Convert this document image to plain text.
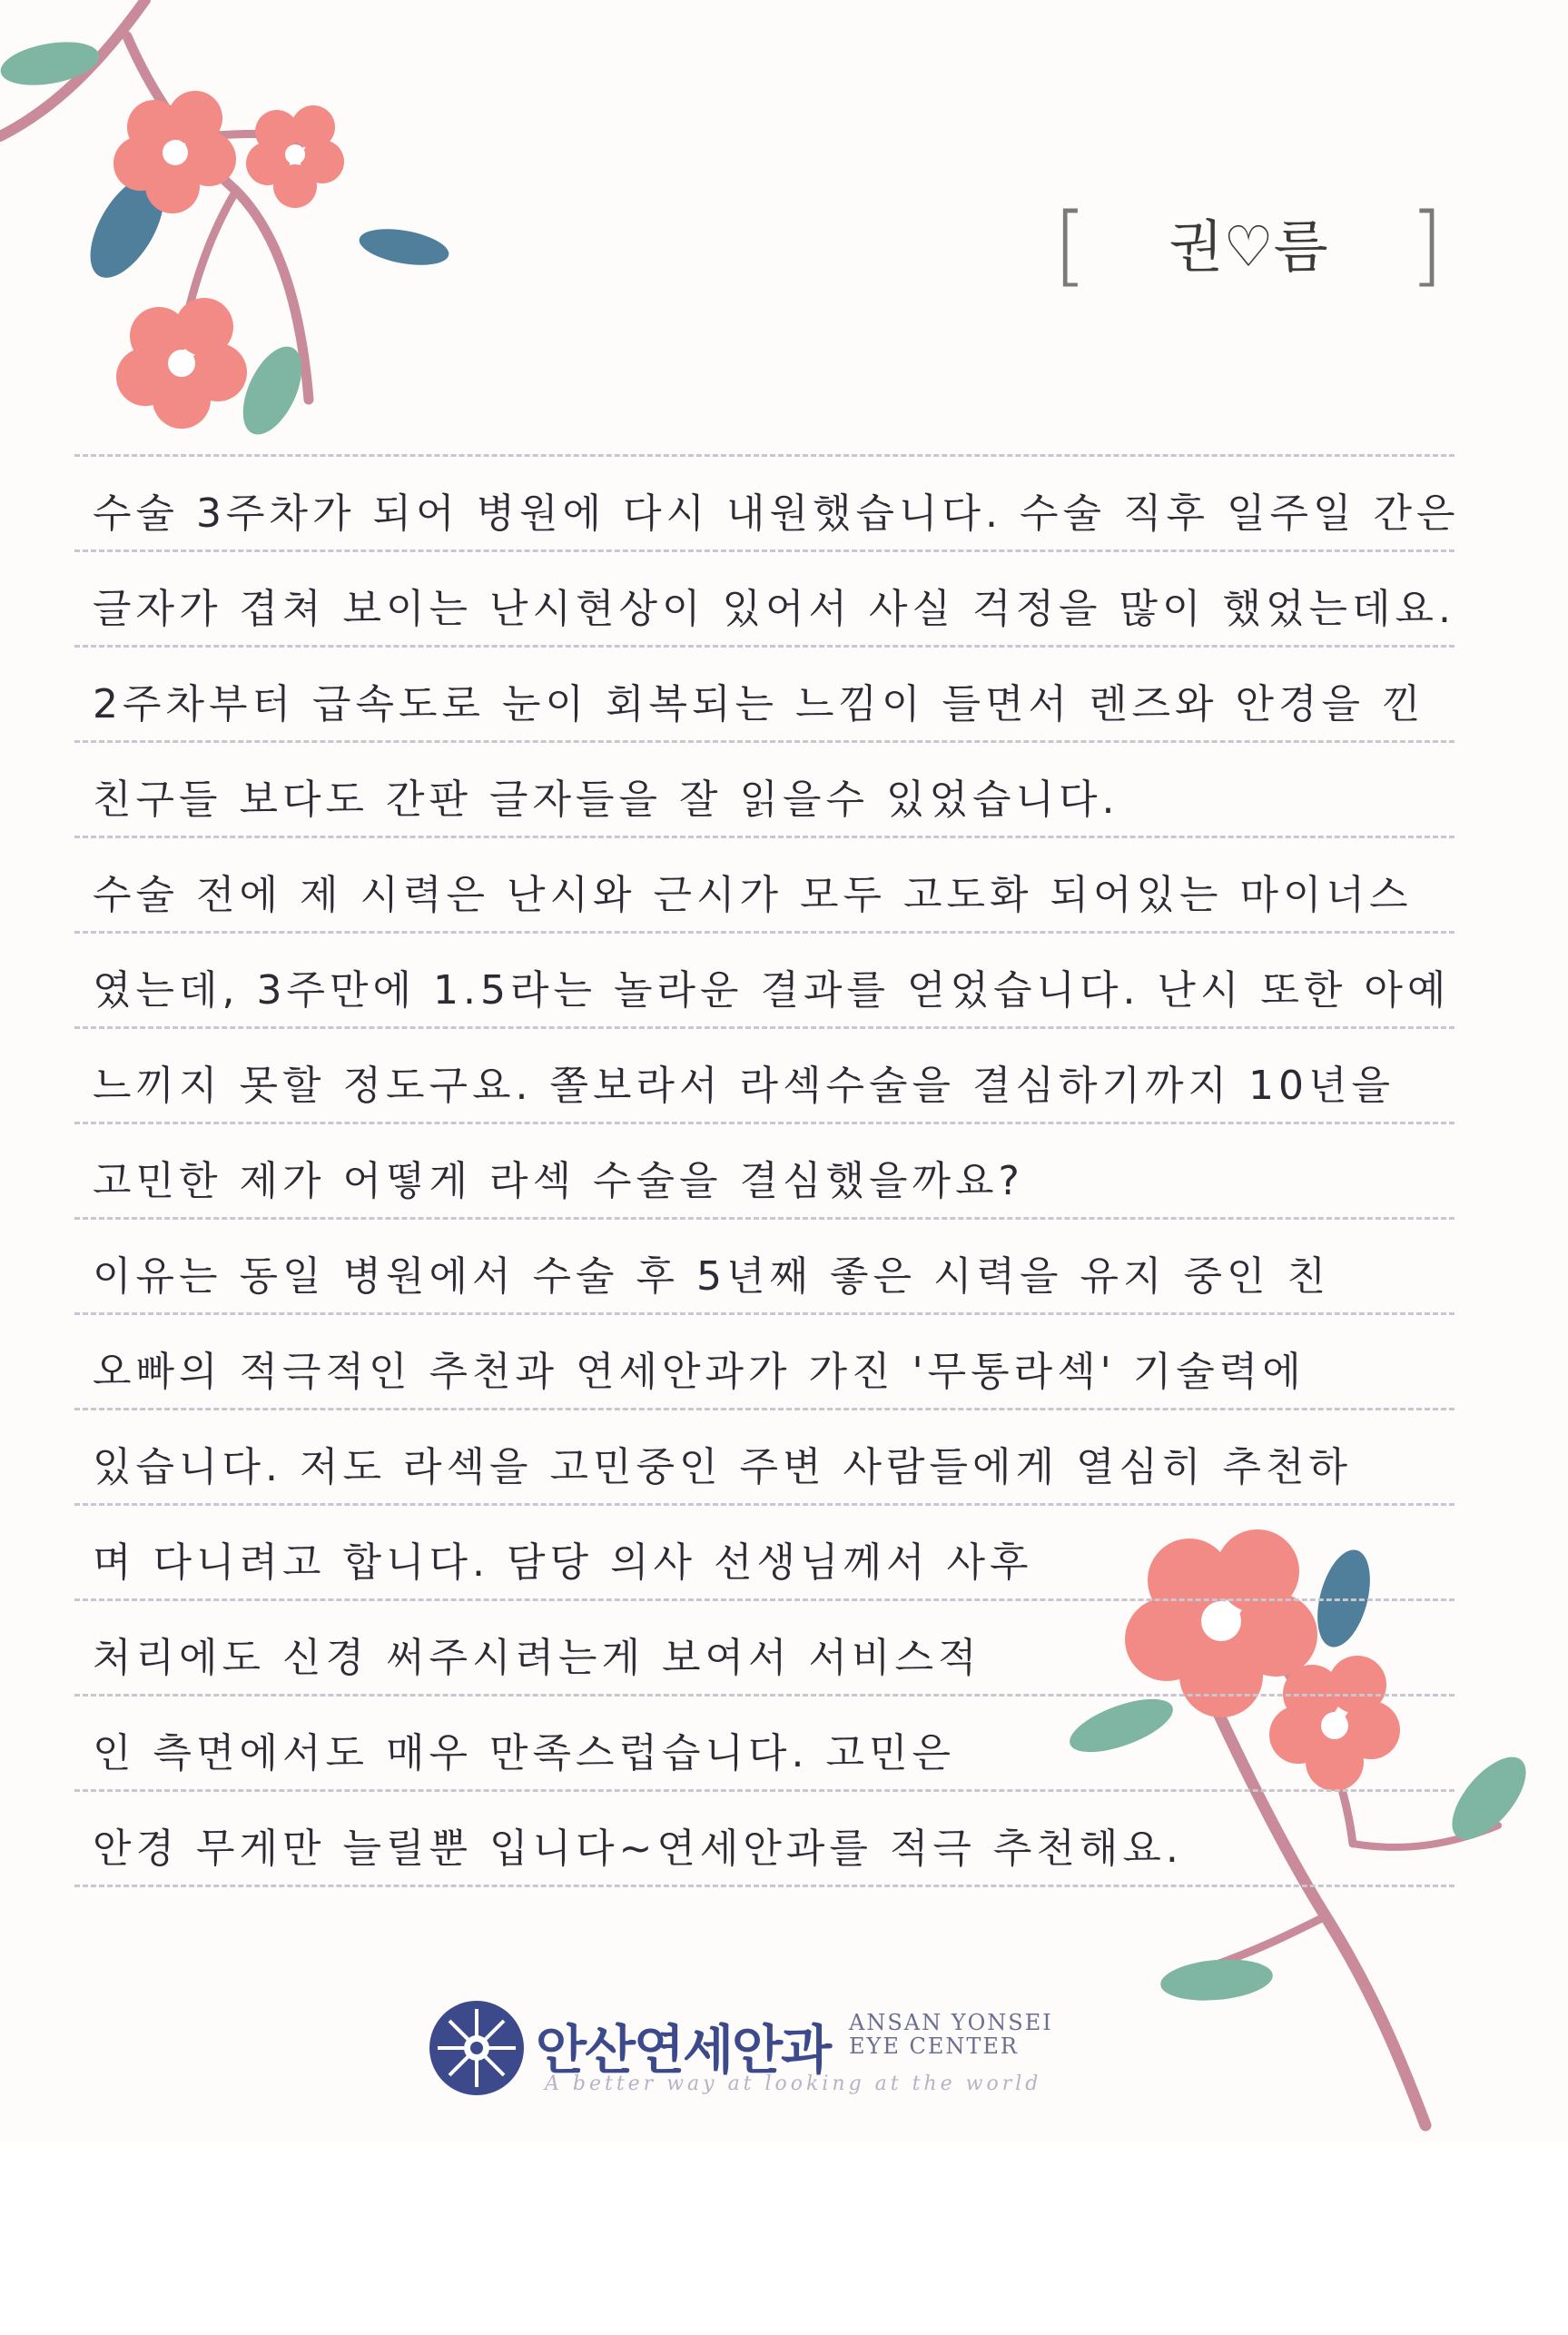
[	권♡름 ]
수술 3주차가 되어 병원에 다시 내원했습니다. 수술 직후 일주일 간은
글자가 겹쳐 보이는 난시현상이 있어서 사실 걱정을 많이 했었는데요.
2주차부터 급속도로 눈이 회복되는 느낌이 들면서 렌즈와 안경을 낀
친구들 보다도 간판 글자들을 잘 읽을수 있었습니다.
수술 전에 제 시력은 난시와 근시가 모두 고도화 되어있는 마이너스
였는데, 3주만에 1.5라는 놀라운 결과를 얻었습니다. 난시 또한 아예
느끼지 못할 정도구요. 쫄보라서 라섹수술을 결심하기까지 10년을
고민한 제가 어떻게 라섹 수술을 결심했을까요?
이유는 동일 병원에서 수술 후 5년째 좋은 시력을 유지 중인 친
오빠의 적극적인 추천과 연세안과가 가진 '무통라섹' 기술력에
있습니다. 저도 라섹을 고민중인 주변 사람들에게 열심히 추천하
며 다니려고 합니다. 담당 의사 선생님께서 사후
처리에도 신경 써주시려는게 보여서 서비스적
인 측면에서도 매우 만족스럽습니다. 고민은
안경 무게만 늘릴뿐 입니다~연세안과를 적극 추천해요.
안산연세안과 ANSAN YONSEI
EYE CENTER
A better way at looking at the world
